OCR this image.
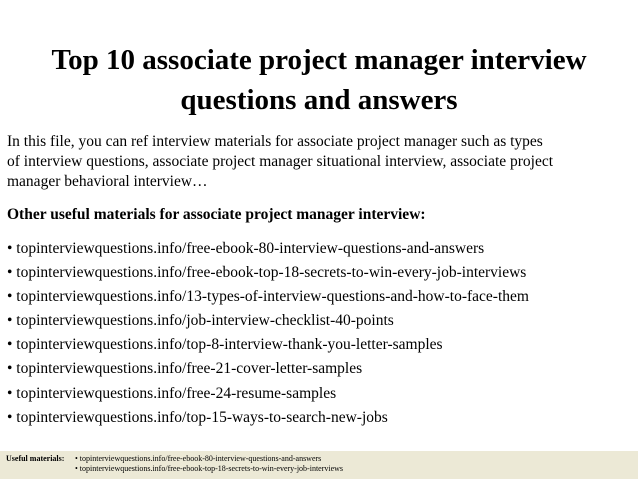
Top 10 associate project manager interview
questions and answers
In this file, you can ref interview materials for associate project manager such as types
of interview questions, associate project manager situational interview, associate project
manager behavioral interview…
Other useful materials for associate project manager interview:
• topinterviewquestions.info/free-ebook-80-interview-questions-and-answers
• topinterviewquestions.info/free-ebook-top-18-secrets-to-win-every-job-interviews
• topinterviewquestions.info/13-types-of-interview-questions-and-how-to-face-them
• topinterviewquestions.info/job-interview-checklist-40-points
• topinterviewquestions.info/top-8-interview-thank-you-letter-samples
• topinterviewquestions.info/free-21-cover-letter-samples
• topinterviewquestions.info/free-24-resume-samples
• topinterviewquestions.info/top-15-ways-to-search-new-jobs
Useful materials: • topinterviewquestions.info/free-ebook-80-interview-questions-and-answers
• topinterviewquestions.info/free-ebook-top-18-secrets-to-win-every-job-interviews
